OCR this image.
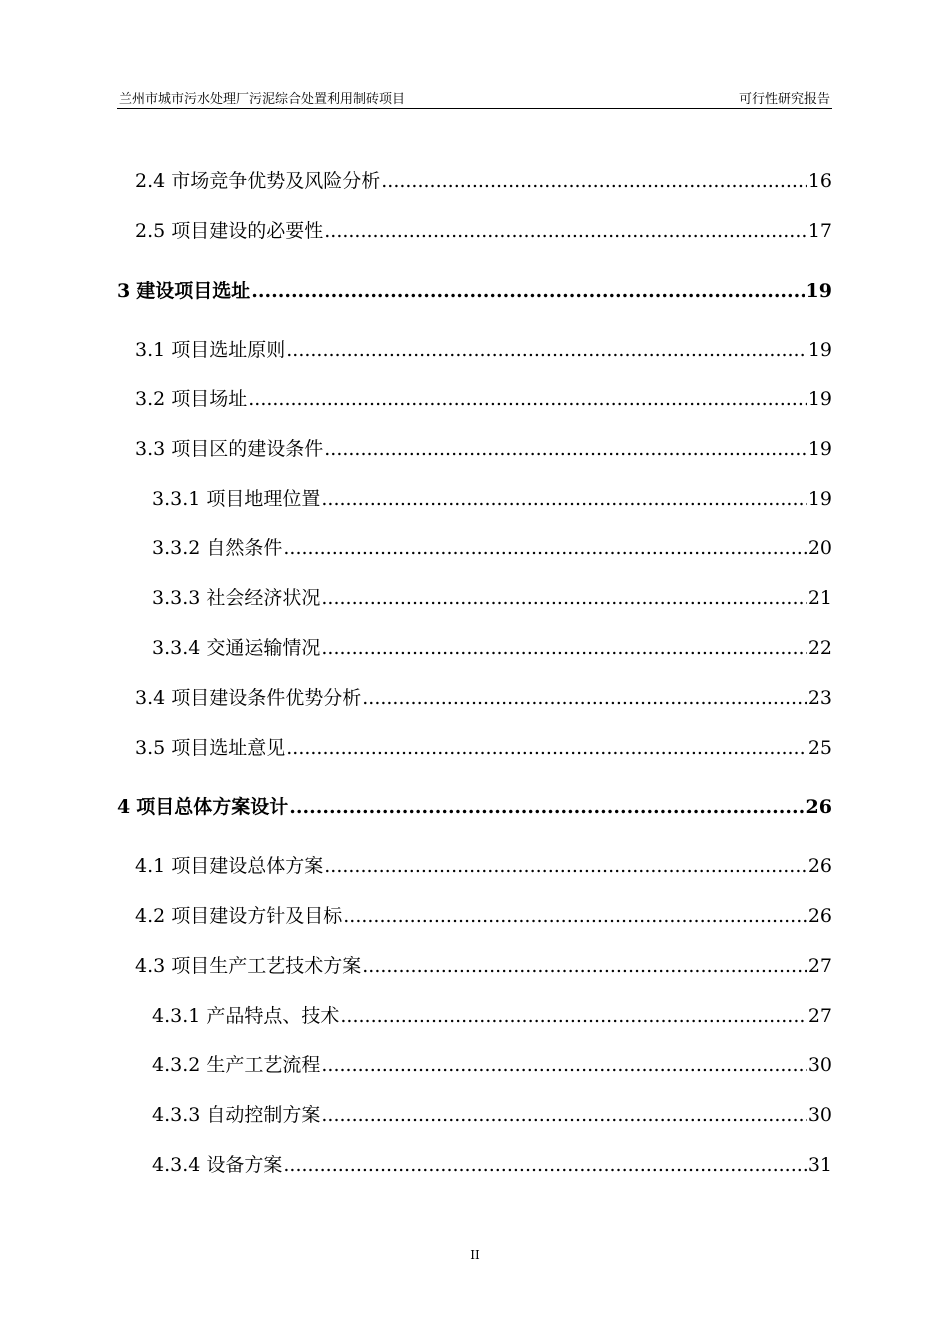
兰州市城市污水处理厂污泥综合处置利用制砖项目	可行性研究报告
2.4 市场竞争优势及风险分析 .....	16
2.5 项目建设的必要性 .....	17
3 建设项目选址 .....	19
3.1 项目选址原则 .....	19
3.2 项目场址 .....	19
3.3 项目区的建设条件 .....	19
3.3.1 项目地理位置 .....	19
3.3.2 自然条件 .....	20
3.3.3 社会经济状况 .....	21
3.3.4 交通运输情况 .....	22
3.4 项目建设条件优势分析 .....	23
3.5 项目选址意见 .....	25
4 项目总体方案设计 .....	26
4.1 项目建设总体方案 .....	26
4.2 项目建设方针及目标 .....	26
4.3 项目生产工艺技术方案 .....	27
4.3.1 产品特点、技术 .....	27
4.3.2 生产工艺流程 .....	30
4.3.3 自动控制方案 .....	30
4.3.4 设备方案 .....	31
II
